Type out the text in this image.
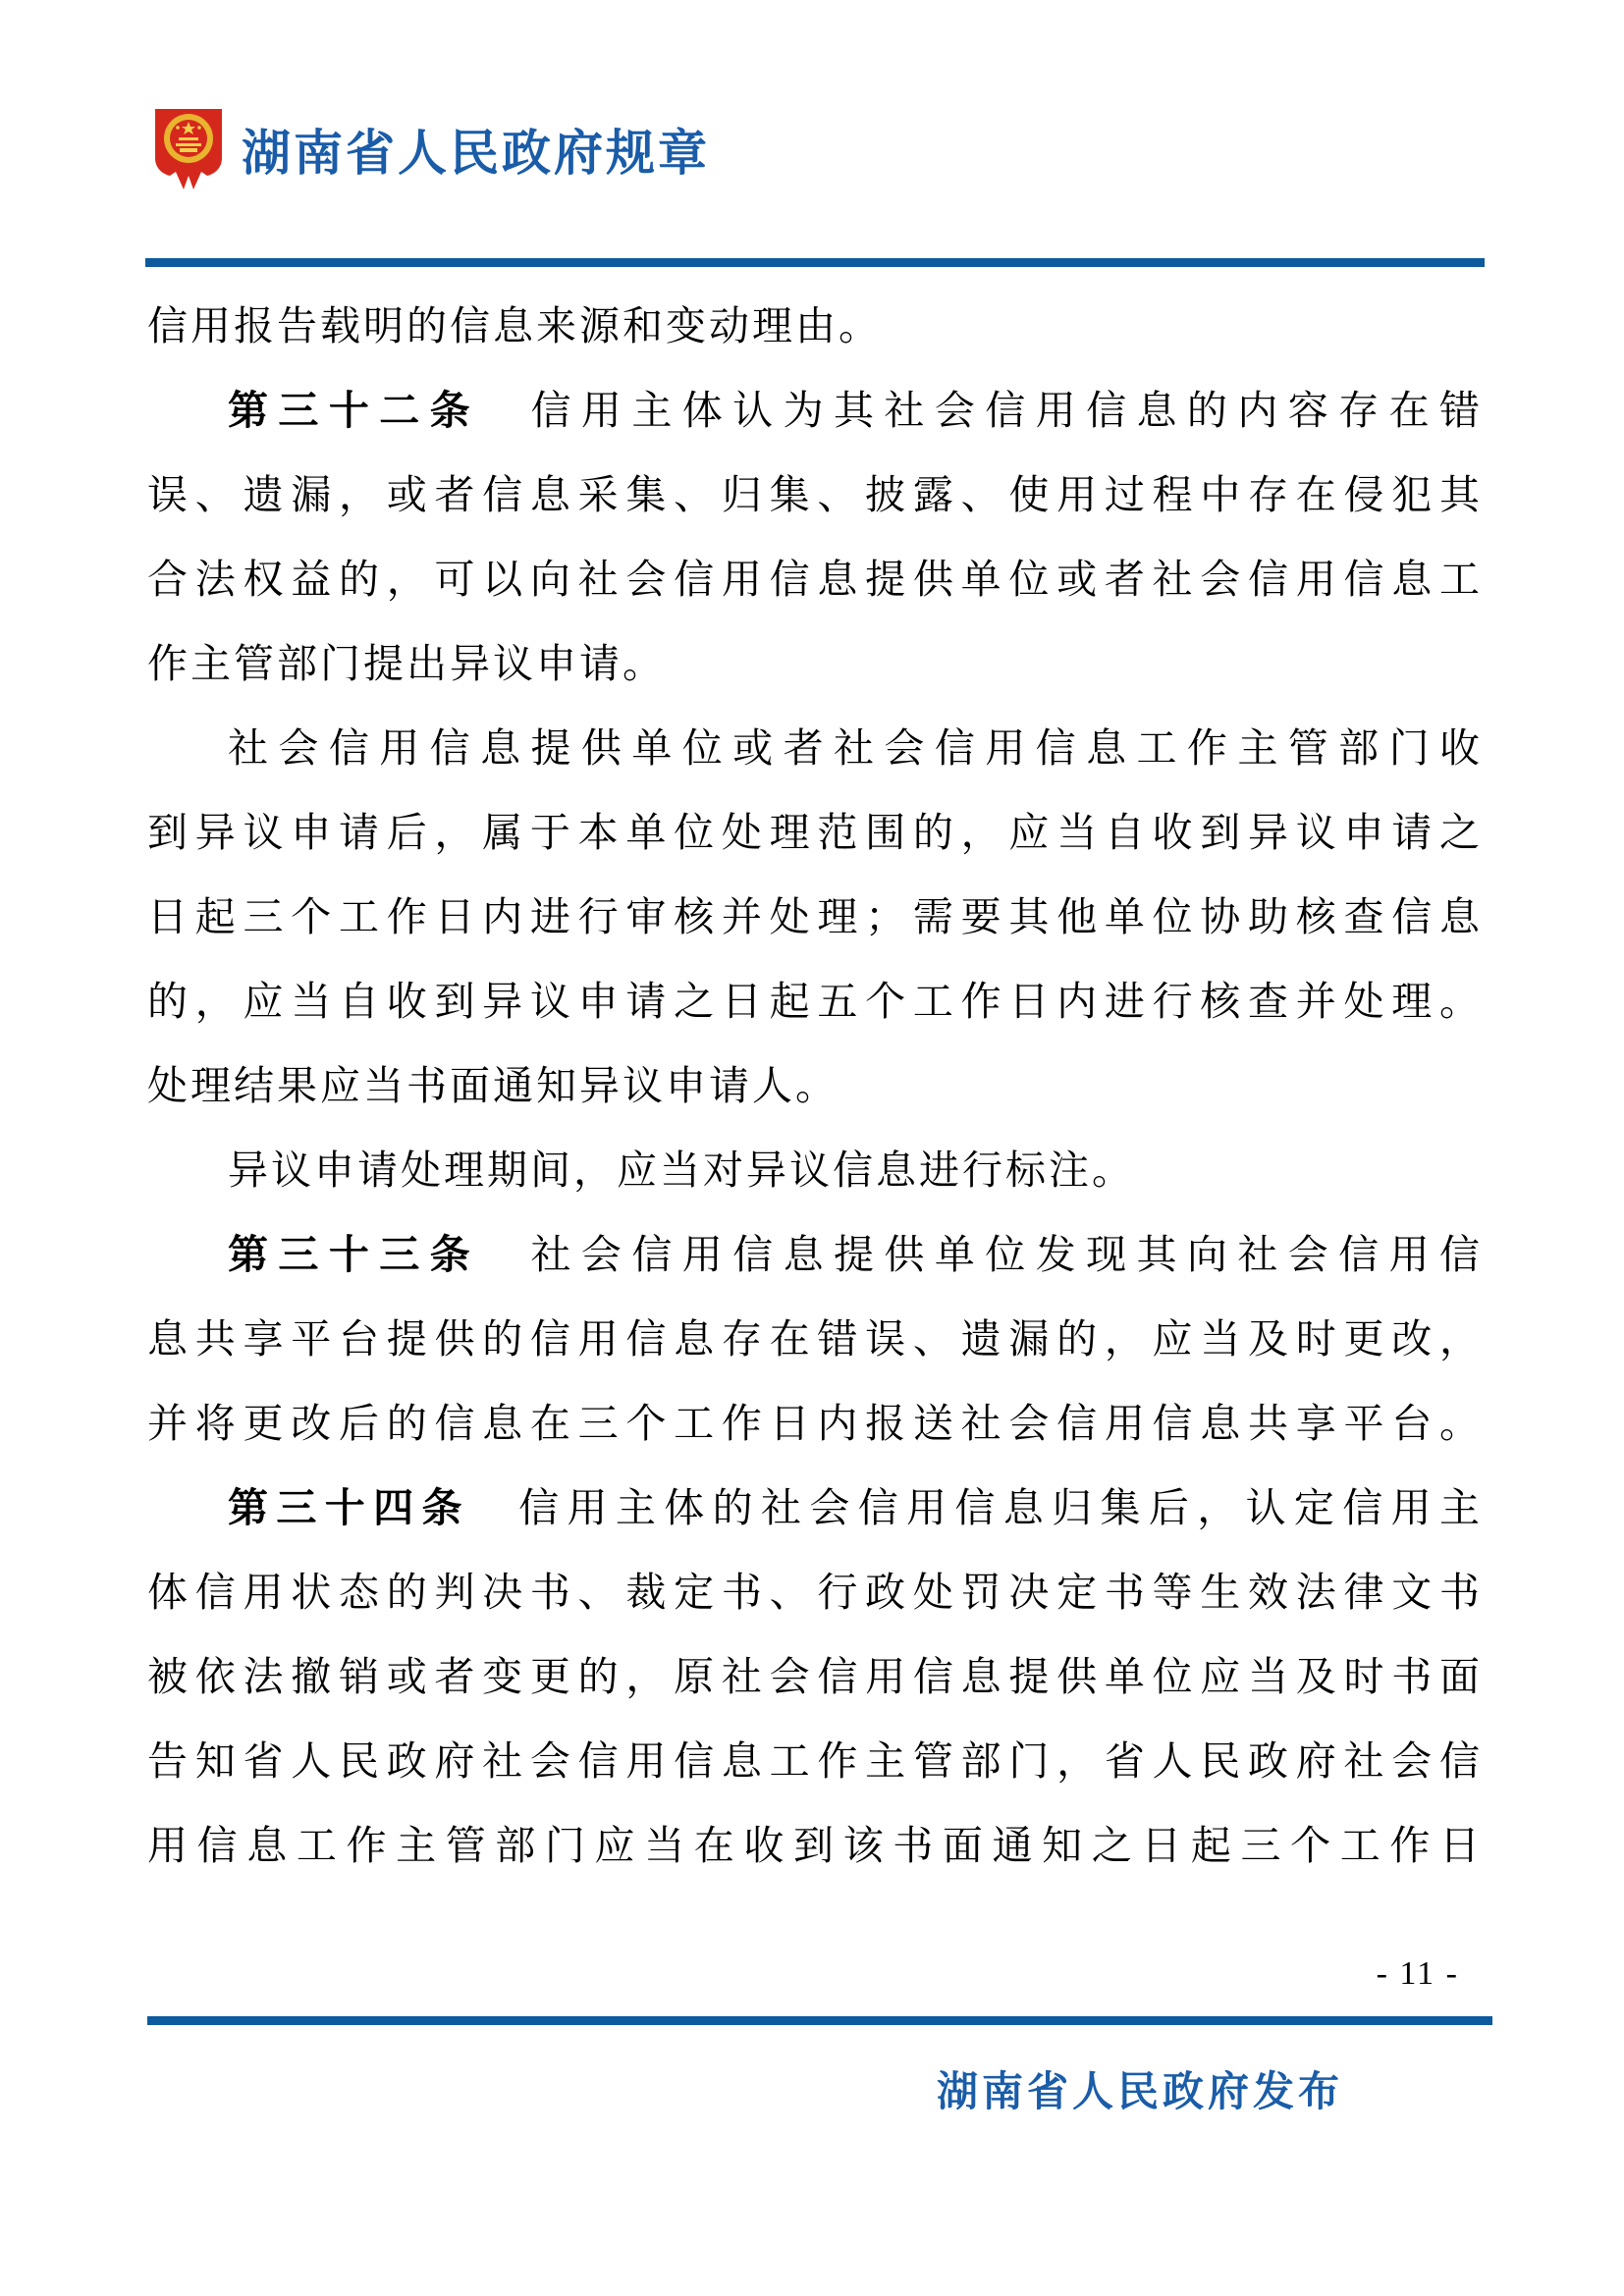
湖南省人民政府规章
信用报告载明的信息来源和变动理由。
第三十二条　信用主体认为其社会信用信息的内容存在错
误、遗漏，或者信息采集、归集、披露、使用过程中存在侵犯其
合法权益的，可以向社会信用信息提供单位或者社会信用信息工
作主管部门提出异议申请。
社会信用信息提供单位或者社会信用信息工作主管部门收
到异议申请后，属于本单位处理范围的，应当自收到异议申请之
日起三个工作日内进行审核并处理；需要其他单位协助核查信息
的，应当自收到异议申请之日起五个工作日内进行核查并处理。
处理结果应当书面通知异议申请人。
异议申请处理期间，应当对异议信息进行标注。
第三十三条　社会信用信息提供单位发现其向社会信用信
息共享平台提供的信用信息存在错误、遗漏的，应当及时更改，
并将更改后的信息在三个工作日内报送社会信用信息共享平台。
第三十四条　信用主体的社会信用信息归集后，认定信用主
体信用状态的判决书、裁定书、行政处罚决定书等生效法律文书
被依法撤销或者变更的，原社会信用信息提供单位应当及时书面
告知省人民政府社会信用信息工作主管部门，省人民政府社会信
用信息工作主管部门应当在收到该书面通知之日起三个工作日
- 11 -
湖南省人民政府发布
